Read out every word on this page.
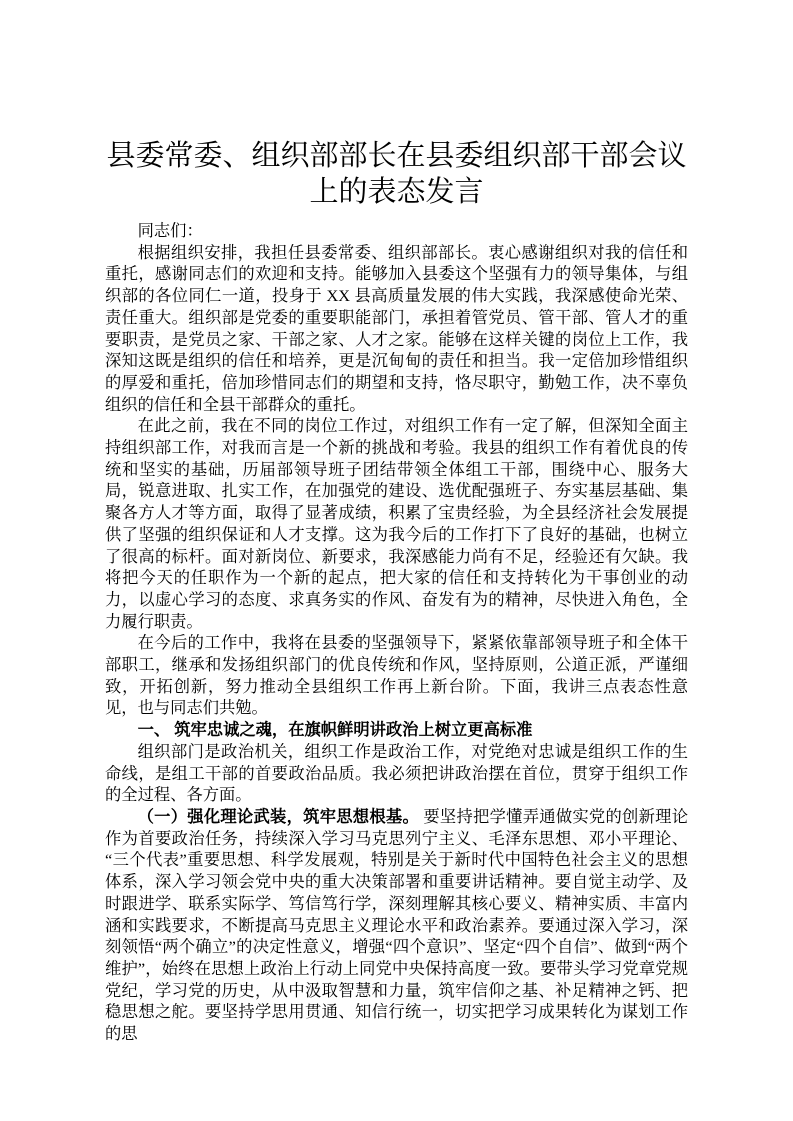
县委常委、组织部部长在县委组织部干部会议上的表态发言

同志们：

根据组织安排，我担任县委常委、组织部部长。衷心感谢组织对我的信任和重托，感谢同志们的欢迎和支持。能够加入县委这个坚强有力的领导集体，与组织部的各位同仁一道，投身于 XX 县高质量发展的伟大实践，我深感使命光荣、责任重大。组织部是党委的重要职能部门，承担着管党员、管干部、管人才的重要职责，是党员之家、干部之家、人才之家。能够在这样关键的岗位上工作，我深知这既是组织的信任和培养，更是沉甸甸的责任和担当。我一定倍加珍惜组织的厚爱和重托，倍加珍惜同志们的期望和支持，恪尽职守，勤勉工作，决不辜负组织的信任和全县干部群众的重托。

在此之前，我在不同的岗位工作过，对组织工作有一定了解，但深知全面主持组织部工作，对我而言是一个新的挑战和考验。我县的组织工作有着优良的传统和坚实的基础，历届部领导班子团结带领全体组工干部，围绕中心、服务大局，锐意进取、扎实工作，在加强党的建设、选优配强班子、夯实基层基础、集聚各方人才等方面，取得了显著成绩，积累了宝贵经验，为全县经济社会发展提供了坚强的组织保证和人才支撑。这为我今后的工作打下了良好的基础，也树立了很高的标杆。面对新岗位、新要求，我深感能力尚有不足，经验还有欠缺。我将把今天的任职作为一个新的起点，把大家的信任和支持转化为干事创业的动力，以虚心学习的态度、求真务实的作风、奋发有为的精神，尽快进入角色，全力履行职责。

在今后的工作中，我将在县委的坚强领导下，紧紧依靠部领导班子和全体干部职工，继承和发扬组织部门的优良传统和作风，坚持原则，公道正派，严谨细致，开拓创新，努力推动全县组织工作再上新台阶。下面，我讲三点表态性意见，也与同志们共勉。

一、 筑牢忠诚之魂，在旗帜鲜明讲政治上树立更高标准

组织部门是政治机关，组织工作是政治工作，对党绝对忠诚是组织工作的生命线，是组工干部的首要政治品质。我必须把讲政治摆在首位，贯穿于组织工作的全过程、各方面。

（一）强化理论武装，筑牢思想根基。 要坚持把学懂弄通做实党的创新理论作为首要政治任务，持续深入学习马克思列宁主义、毛泽东思想、邓小平理论、“三个代表”重要思想、科学发展观，特别是关于新时代中国特色社会主义的思想体系，深入学习领会党中央的重大决策部署和重要讲话精神。要自觉主动学、及时跟进学、联系实际学、笃信笃行学，深刻理解其核心要义、精神实质、丰富内涵和实践要求，不断提高马克思主义理论水平和政治素养。要通过深入学习，深刻领悟“两个确立”的决定性意义，增强“四个意识”、坚定“四个自信”、做到“两个维护”，始终在思想上政治上行动上同党中央保持高度一致。要带头学习党章党规党纪，学习党的历史，从中汲取智慧和力量，筑牢信仰之基、补足精神之钙、把稳思想之舵。要坚持学思用贯通、知信行统一，切实把学习成果转化为谋划工作的思
